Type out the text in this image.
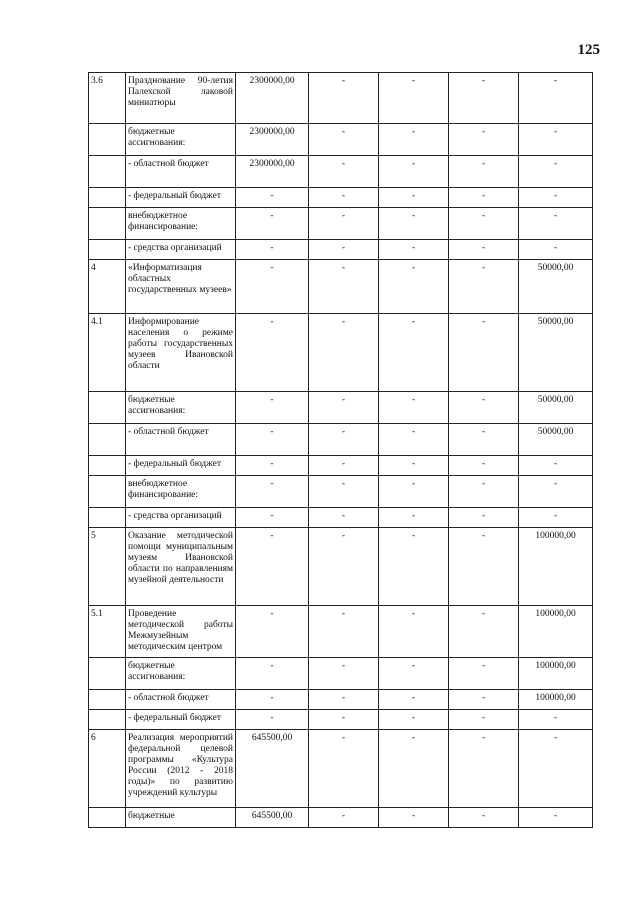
125
3.6	Празднование 90-летия Палехской лаковой миниатюры	2300000,00	-	-	-	-
	бюджетные ассигнования:	2300000,00	-	-	-	-
	- областной бюджет	2300000,00	-	-	-	-
	- федеральный бюджет	-	-	-	-	-
	внебюджетное финансирование:	-	-	-	-	-
	- средства организаций	-	-	-	-	-
4	«Информатизация областных государственных музеев»	-	-	-	-	50000,00
4.1	Информирование населения о режиме работы государственных музеев Ивановской области	-	-	-	-	50000,00
	бюджетные ассигнования:	-	-	-	-	50000,00
	- областной бюджет	-	-	-	-	50000,00
	- федеральный бюджет	-	-	-	-	-
	внебюджетное финансирование:	-	-	-	-	-
	- средства организаций	-	-	-	-	-
5	Оказание методической помощи муниципальным музеям Ивановской области по направлениям музейной деятельности	-	-	-	-	100000,00
5.1	Проведение методической работы Межмузейным методическим центром	-	-	-	-	100000,00
	бюджетные ассигнования:	-	-	-	-	100000,00
	- областной бюджет	-	-	-	-	100000,00
	- федеральный бюджет	-	-	-	-	-
6	Реализация мероприятий федеральной целевой программы «Культура России (2012 - 2018 годы)» по развитию учреждений культуры	645500,00	-	-	-	-
	бюджетные	645500,00	-	-	-	-
